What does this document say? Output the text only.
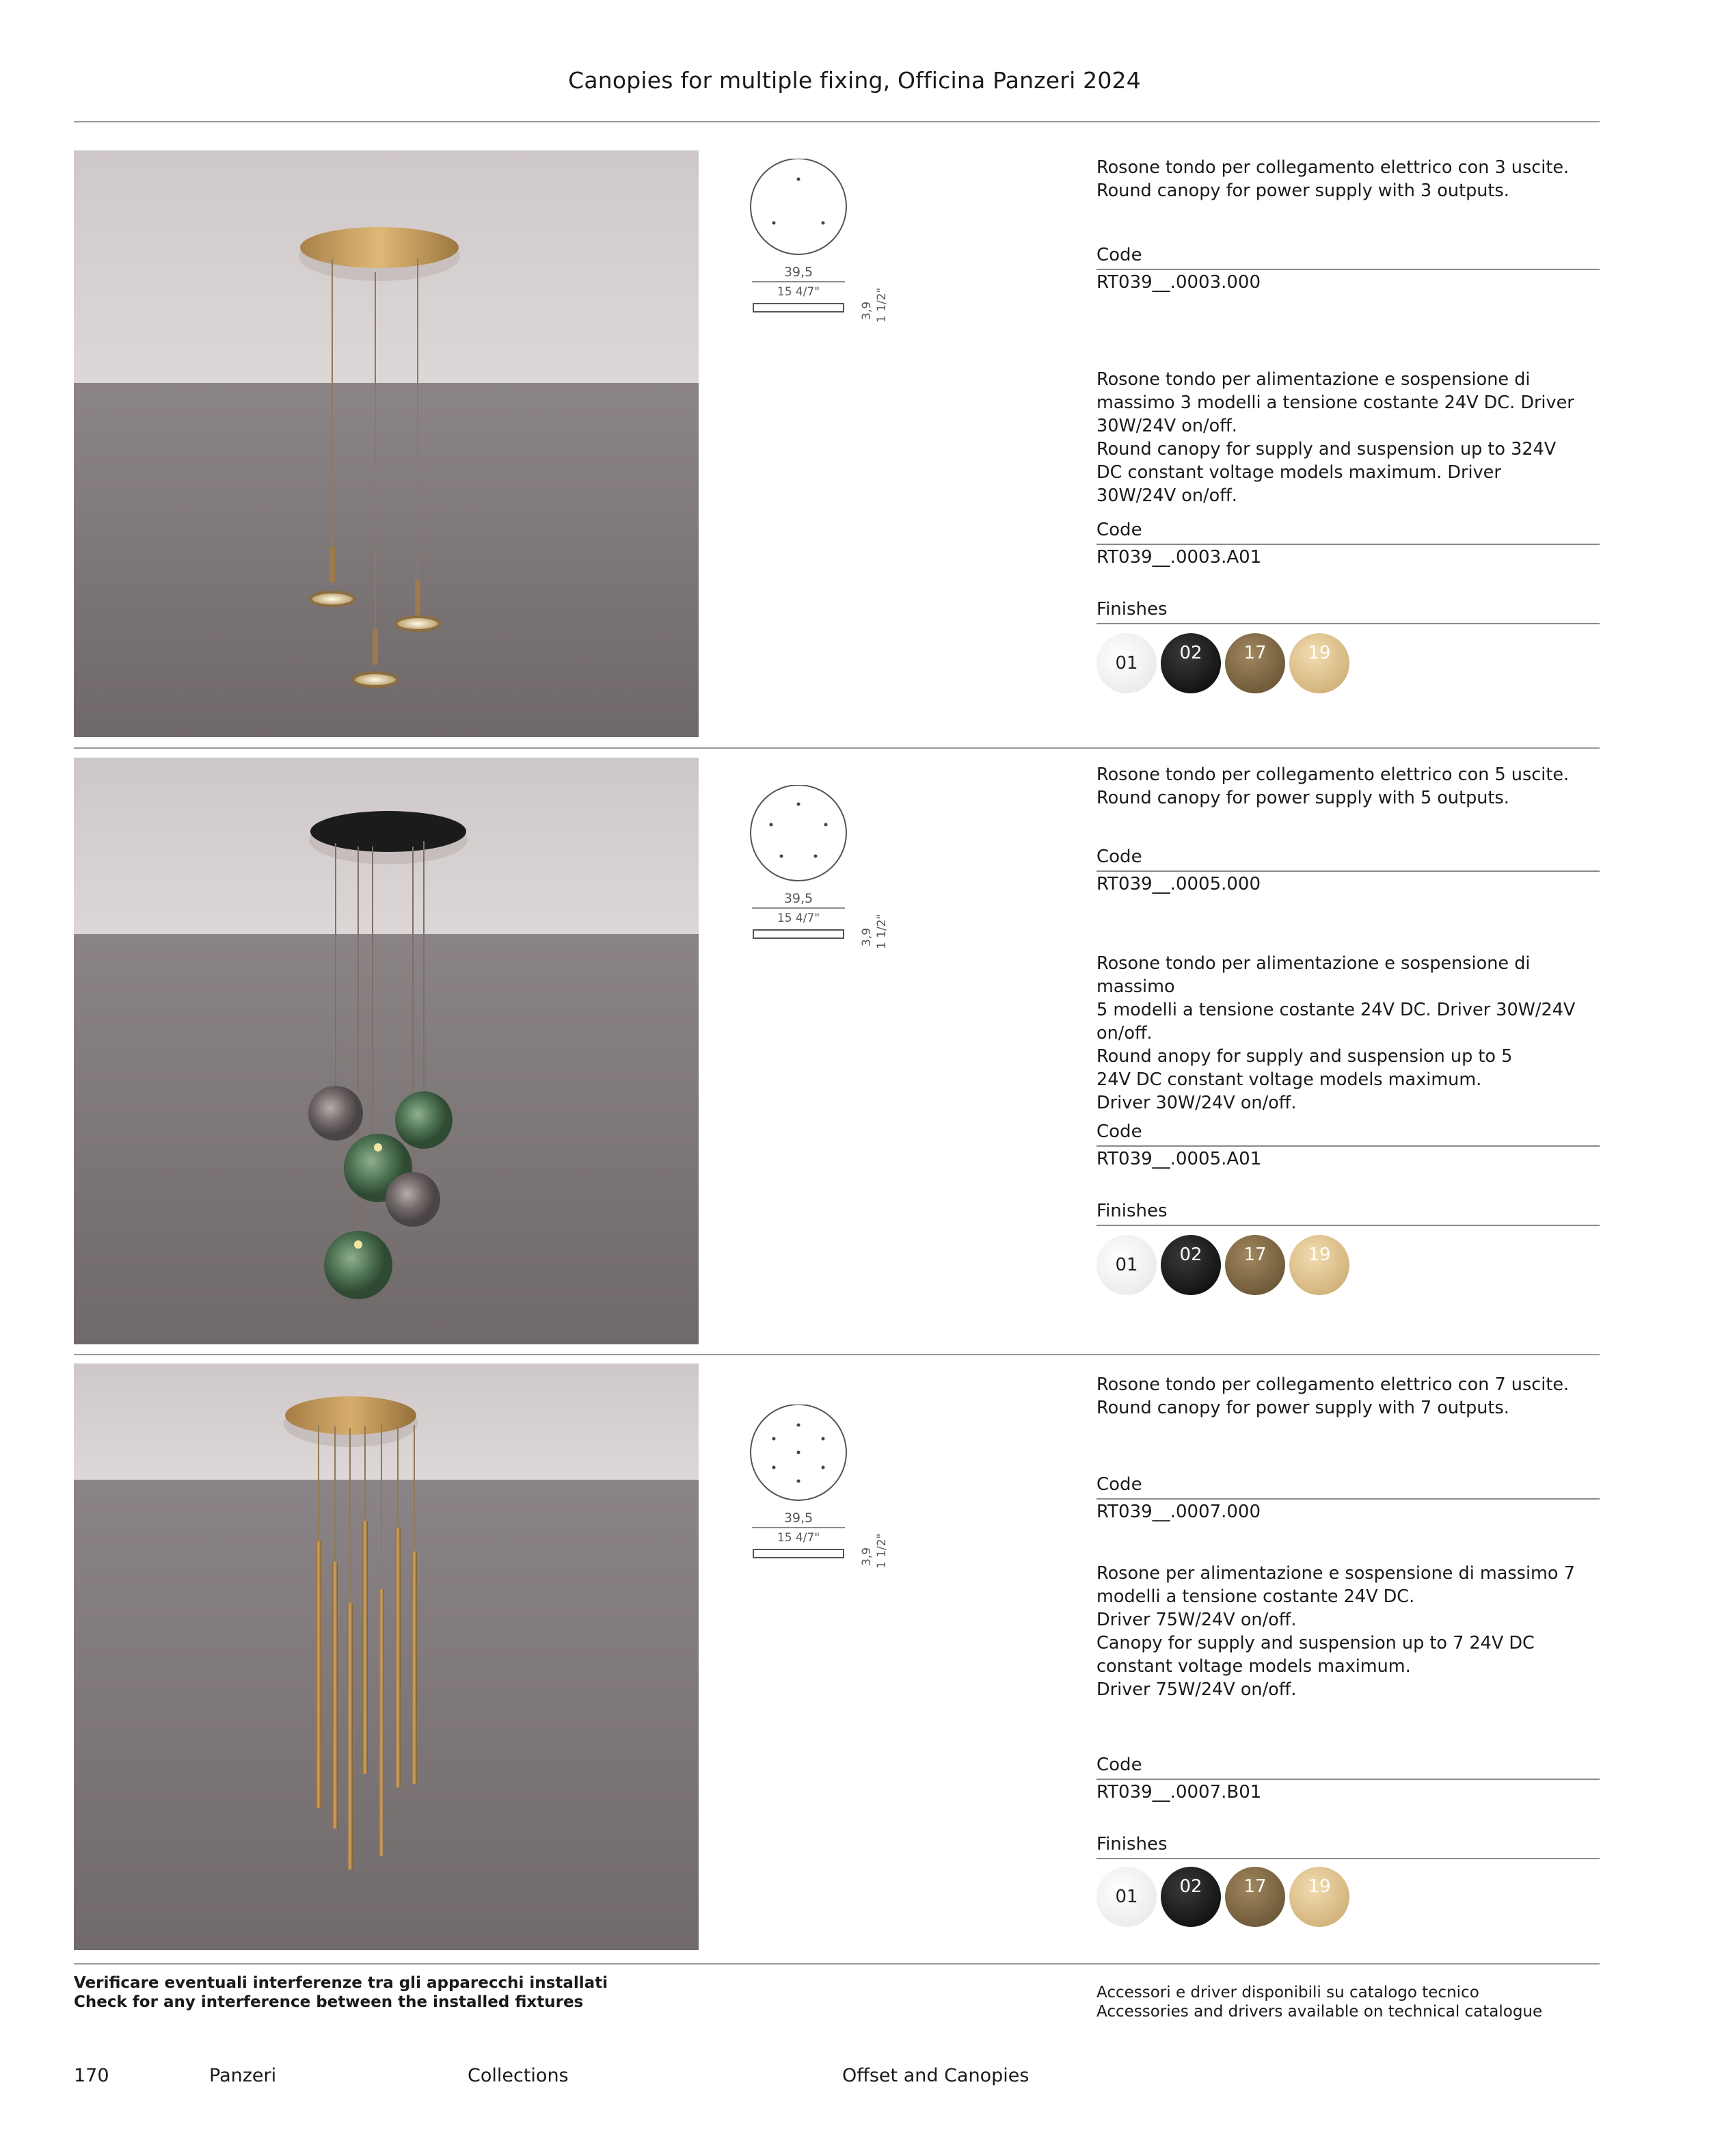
Canopies for multiple fixing, Officina Panzeri 2024
39,5
15 4/7"
3,9 1 1/2"

Rosone tondo per collegamento elettrico con 3 uscite.

Round canopy for power supply with 3 outputs.

Code
RT039__.0003.000

Rosone tondo per alimentazione e sospensione di

massimo 3 modelli a tensione costante 24V DC. Driver

30W/24V on/off.

Round canopy for supply and suspension up to 324V

DC constant voltage models maximum. Driver

30W/24V on/off.

Code
RT039__.0003.A01
Finishes
01	02	17	19
39,5
15 4/7"
3,9 1 1/2"

Rosone tondo per collegamento elettrico con 5 uscite.

Round canopy for power supply with 5 outputs.

Code
RT039__.0005.000

Rosone tondo per alimentazione e sospensione di massimo

5 modelli a tensione costante 24V DC. Driver 30W/24V

on/off.

Round anopy for supply and suspension up to 5

24V DC constant voltage models maximum.

Driver 30W/24V on/off.

Code
RT039__.0005.A01
Finishes
01	02	17	19
39,5
15 4/7"
3,9 1 1/2"

Rosone tondo per collegamento elettrico con 7 uscite.

Round canopy for power supply with 7 outputs.

Code
RT039__.0007.000

Rosone per alimentazione e sospensione di massimo 7

modelli a tensione costante 24V DC.

Driver 75W/24V on/off.

Canopy for supply and suspension up to 7 24V DC

constant voltage models maximum.

Driver 75W/24V on/off.

Code
RT039__.0007.B01
Finishes
01	02	17	19
Verificare eventuali interferenze tra gli apparecchi installati
Check for any interference between the installed fixtures
Accessori e driver disponibili su catalogo tecnico
Accessories and drivers available on technical catalogue
170	Panzeri	Collections	Offset and Canopies
